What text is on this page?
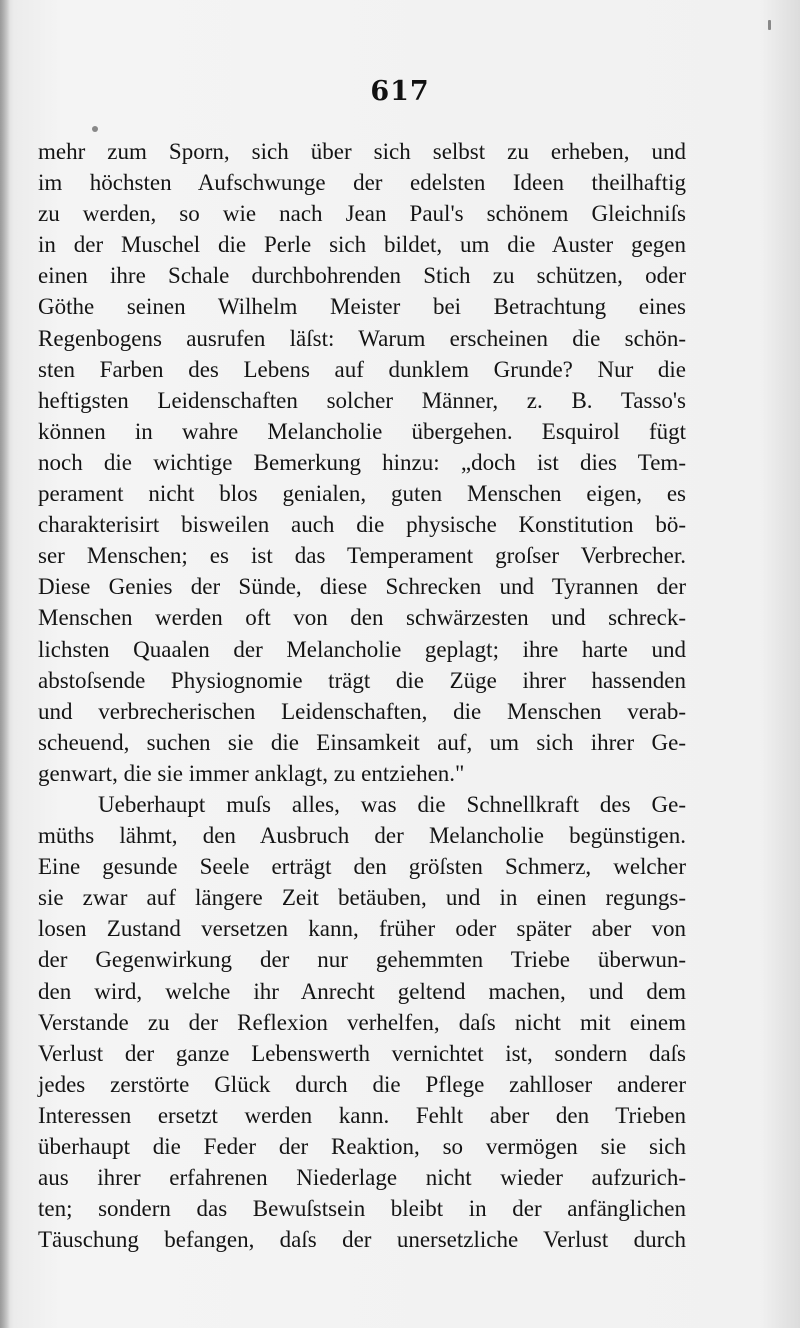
617
mehr zum Sporn, sich über sich selbst zu erheben, und
im höchsten Aufschwunge der edelsten Ideen theilhaftig
zu werden, so wie nach Jean Paul's schönem Gleichniſs
in der Muschel die Perle sich bildet, um die Auster gegen
einen ihre Schale durchbohrenden Stich zu schützen, oder
Göthe seinen Wilhelm Meister bei Betrachtung eines
Regenbogens ausrufen läſst: Warum erscheinen die schön-
sten Farben des Lebens auf dunklem Grunde? Nur die
heftigsten Leidenschaften solcher Männer, z. B. Tasso's
können in wahre Melancholie übergehen. Esquirol fügt
noch die wichtige Bemerkung hinzu: „doch ist dies Tem-
perament nicht blos genialen, guten Menschen eigen, es
charakterisirt bisweilen auch die physische Konstitution bö-
ser Menschen; es ist das Temperament groſser Verbrecher.
Diese Genies der Sünde, diese Schrecken und Tyrannen der
Menschen werden oft von den schwärzesten und schreck-
lichsten Quaalen der Melancholie geplagt; ihre harte und
abstoſsende Physiognomie trägt die Züge ihrer hassenden
und verbrecherischen Leidenschaften, die Menschen verab-
scheuend, suchen sie die Einsamkeit auf, um sich ihrer Ge-
genwart, die sie immer anklagt, zu entziehen."
Ueberhaupt muſs alles, was die Schnellkraft des Ge-
müths lähmt, den Ausbruch der Melancholie begünstigen.
Eine gesunde Seele erträgt den gröſsten Schmerz, welcher
sie zwar auf längere Zeit betäuben, und in einen regungs-
losen Zustand versetzen kann, früher oder später aber von
der Gegenwirkung der nur gehemmten Triebe überwun-
den wird, welche ihr Anrecht geltend machen, und dem
Verstande zu der Reflexion verhelfen, daſs nicht mit einem
Verlust der ganze Lebenswerth vernichtet ist, sondern daſs
jedes zerstörte Glück durch die Pflege zahlloser anderer
Interessen ersetzt werden kann. Fehlt aber den Trieben
überhaupt die Feder der Reaktion, so vermögen sie sich
aus ihrer erfahrenen Niederlage nicht wieder aufzurich-
ten; sondern das Bewuſstsein bleibt in der anfänglichen
Täuschung befangen, daſs der unersetzliche Verlust durch
